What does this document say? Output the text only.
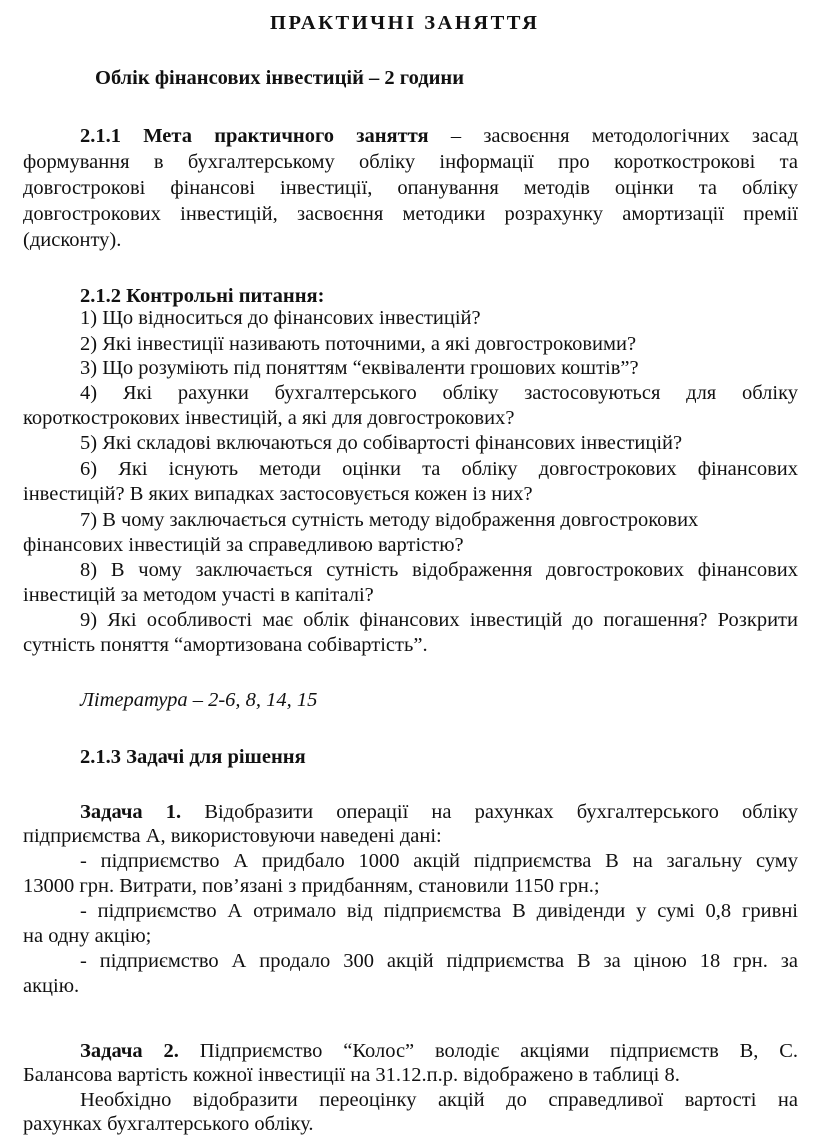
ПРАКТИЧНІ ЗАНЯТТЯ
Облік фінансових інвестицій – 2 години
2.1.1 Мета практичного заняття – засвоєння методологічних засад
формування в бухгалтерському обліку інформації про короткострокові та
довгострокові фінансові інвестиції, опанування методів оцінки та обліку
довгострокових інвестицій, засвоєння методики розрахунку амортизації премії
(дисконту).
2.1.2 Контрольні питання:
1) Що відноситься до фінансових інвестицій?
2) Які інвестиції називають поточними, а які довгостроковими?
3) Що розуміють під поняттям “еквіваленти грошових коштів”?
4) Які рахунки бухгалтерського обліку застосовуються для обліку
короткострокових інвестицій, а які для довгострокових?
5) Які складові включаються до собівартості фінансових інвестицій?
6) Які існують методи оцінки та обліку довгострокових фінансових
інвестицій? В яких випадках застосовується кожен із них?
7) В чому заключається сутність методу відображення довгострокових
фінансових інвестицій за справедливою вартістю?
8) В чому заключається сутність відображення довгострокових фінансових
інвестицій за методом участі в капіталі?
9) Які особливості має облік фінансових інвестицій до погашення? Розкрити
сутність поняття “амортизована собівартість”.
Література – 2-6, 8, 14, 15
2.1.3 Задачі для рішення
Задача 1. Відобразити операції на рахунках бухгалтерського обліку
підприємства А, використовуючи наведені дані:
- підприємство А придбало 1000 акцій підприємства В на загальну суму
13000 грн. Витрати, пов’язані з придбанням, становили 1150 грн.;
- підприємство А отримало від підприємства В дивіденди у сумі 0,8 гривні
на одну акцію;
- підприємство А продало 300 акцій підприємства В за ціною 18 грн. за
акцію.
Задача 2. Підприємство “Колос” володіє акціями підприємств В, С.
Балансова вартість кожної інвестиції на 31.12.п.р. відображено в таблиці 8.
Необхідно відобразити переоцінку акцій до справедливої вартості на
рахунках бухгалтерського обліку.
